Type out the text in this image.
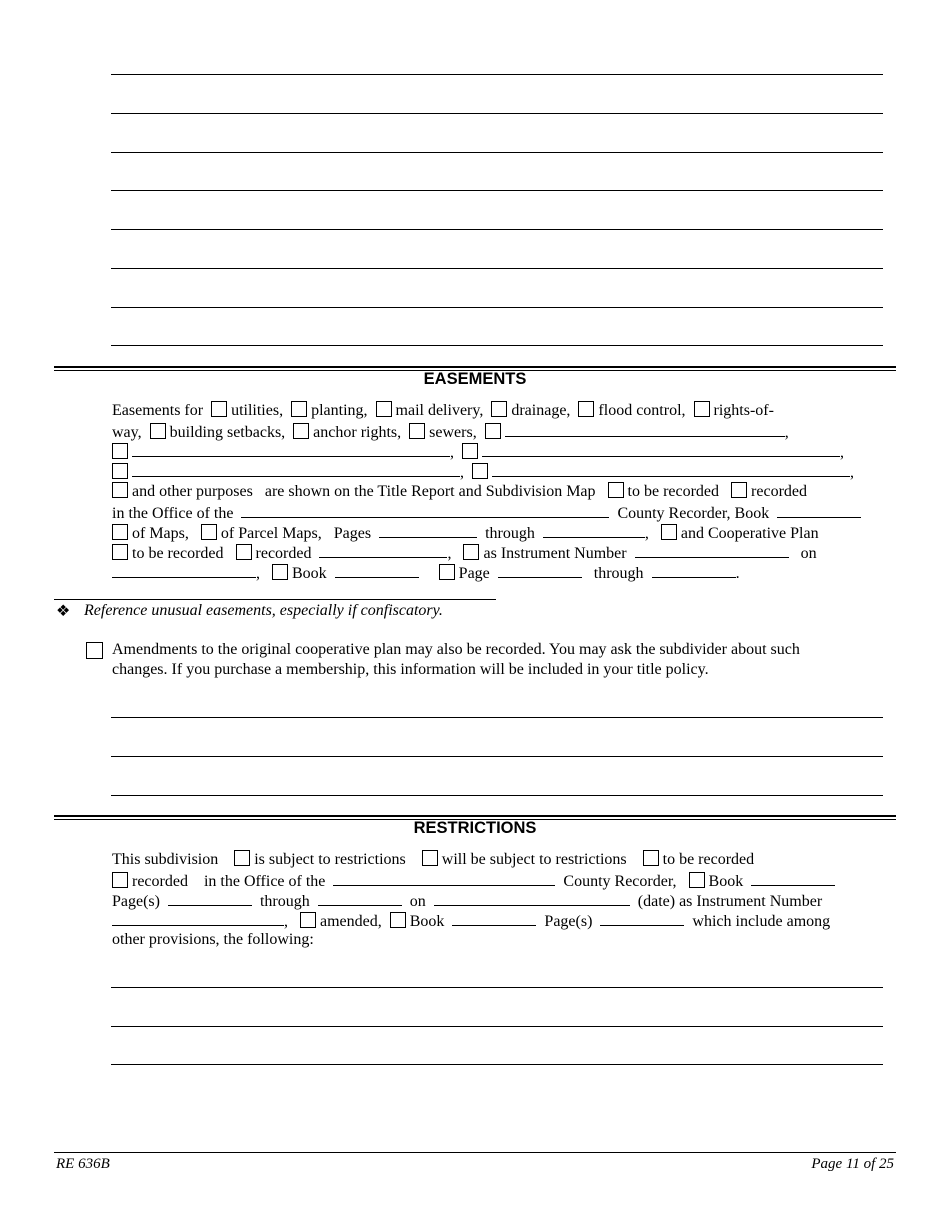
EASEMENTS
Easements for utilities, planting, mail delivery, drainage, flood control, rights-of-
way, building setbacks, anchor rights, sewers,	,
,	,
,	,
and other purposes are shown on the Title Report and Subdivision Map to be recorded recorded
in the Office of the	County Recorder, Book
of Maps, of Parcel Maps, Pages	through	, and Cooperative Plan
to be recorded recorded	, as Instrument Number	on
, Book	Page	through	.
❖ Reference unusual easements, especially if confiscatory.
Amendments to the original cooperative plan may also be recorded. You may ask the subdivider about such
changes. If you purchase a membership, this information will be included in your title policy.
RESTRICTIONS
This subdivision is subject to restrictions will be subject to restrictions to be recorded
recorded in the Office of the	County Recorder, Book
Page(s)	through	on	(date) as Instrument Number
, amended, Book	Page(s)	which include among
other provisions, the following:
RE 636B	Page 11 of 25
